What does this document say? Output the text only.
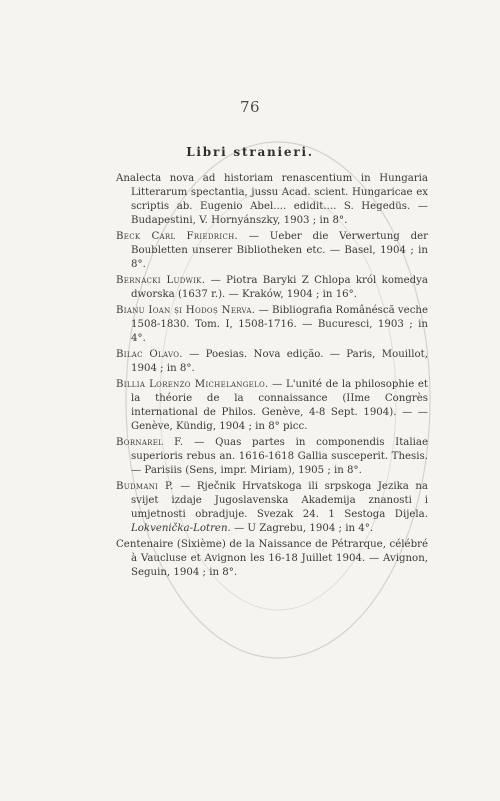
76
Libri stranieri.
Analecta nova ad historiam renascentium in Hungaria Litterarum spectantia, jussu Acad. scient. Hungaricae ex scriptis ab. Eugenio Abel.... edidit.... S. Hegedüs. — Budapestini, V. Hornyánszky, 1903 ; in 8°.
Beck Carl Friedrich. — Ueber die Verwertung der Boubletten unserer Bibliotheken etc. — Basel, 1904 ; in 8°.
Bernacki Ludwik. — Piotra Baryki Z Chlopa król komedya dworska (1637 r.). — Kraków, 1904 ; in 16°.
Bianu Ioan și Hodoș Nerva. — Bibliografia Românéscă veche 1508-1830. Tom. I, 1508-1716. — Bucuresci, 1903 ; in 4°.
Bilac Olavo. — Poesias. Nova edição. — Paris, Mouillot, 1904 ; in 8°.
Billia Lorenzo Michelangelo. — L'unité de la philosophie et la théorie de la connaissance (IIme Congrès international de Philos. Genève, 4-8 Sept. 1904). — — Genève, Kündig, 1904 ; in 8° picc.
Bornarel F. — Quas partes in componendis Italiae superioris rebus an. 1616-1618 Gallia susceperit. Thesis. — Parisiis (Sens, impr. Miriam), 1905 ; in 8°.
Budmani P. — Rječnik Hrvatskoga ili srpskoga Jezika na svijet izdaje Jugoslavenska Akademija znanosti i umjetnosti obradjuje. Svezak 24. 1 Sestoga Dijela. Lokvenička-Lotren. — U Zagrebu, 1904 ; in 4°.
Centenaire (Sixième) de la Naissance de Pétrarque, célébré à Vaucluse et Avignon les 16-18 Juillet 1904. — Avignon, Seguin, 1904 ; in 8°.
